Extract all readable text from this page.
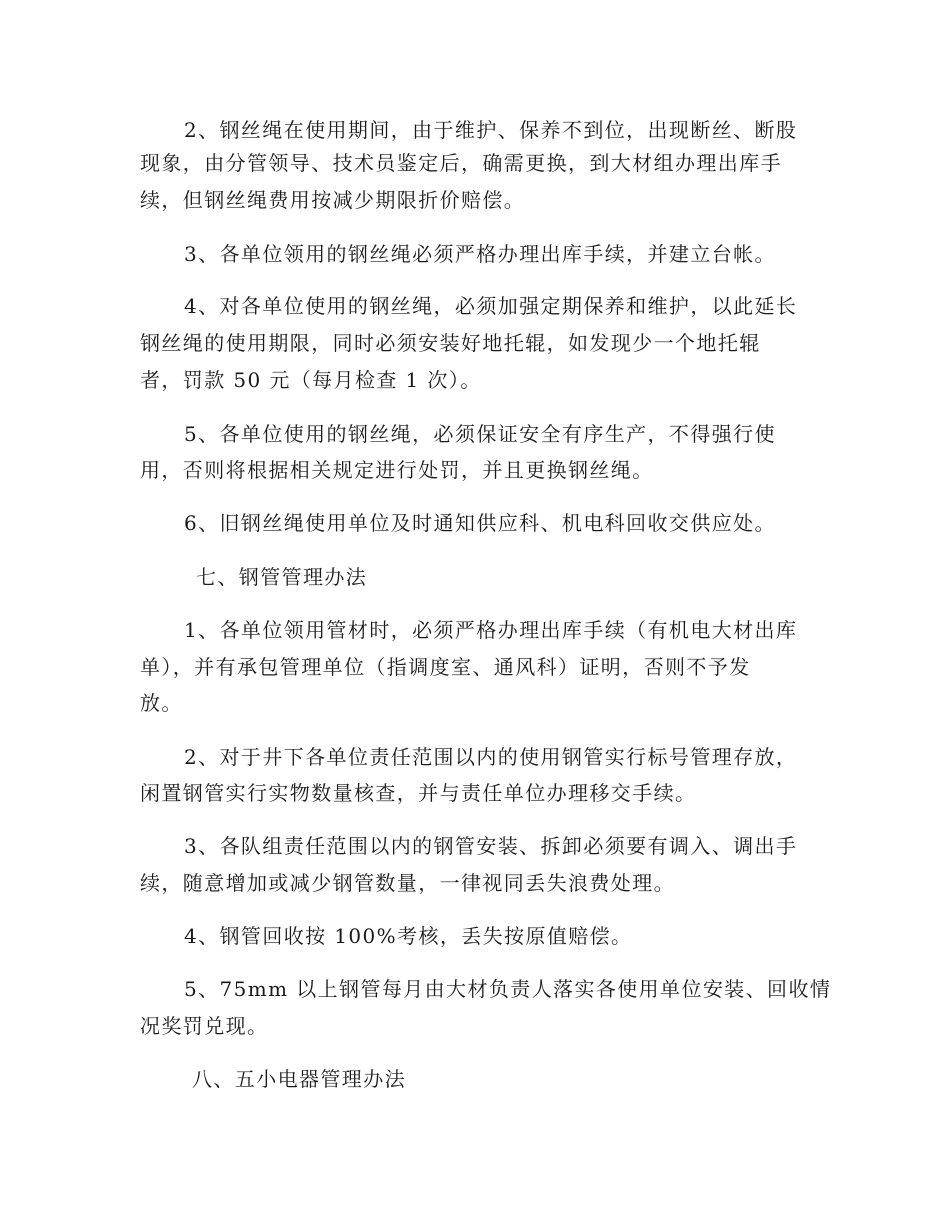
2、钢丝绳在使用期间，由于维护、保养不到位，出现断丝、断股
现象，由分管领导、技术员鉴定后，确需更换，到大材组办理出库手
续，但钢丝绳费用按减少期限折价赔偿。
3、各单位领用的钢丝绳必须严格办理出库手续，并建立台帐。
4、对各单位使用的钢丝绳，必须加强定期保养和维护，以此延长
钢丝绳的使用期限，同时必须安装好地托辊，如发现少一个地托辊
者，罚款 50 元（每月检查 1 次）。
5、各单位使用的钢丝绳，必须保证安全有序生产，不得强行使
用，否则将根据相关规定进行处罚，并且更换钢丝绳。
6、旧钢丝绳使用单位及时通知供应科、机电科回收交供应处。
七、钢管管理办法
1、各单位领用管材时，必须严格办理出库手续（有机电大材出库
单），并有承包管理单位（指调度室、通风科）证明，否则不予发
放。
2、对于井下各单位责任范围以内的使用钢管实行标号管理存放，
闲置钢管实行实物数量核查，并与责任单位办理移交手续。
3、各队组责任范围以内的钢管安装、拆卸必须要有调入、调出手
续，随意增加或减少钢管数量，一律视同丢失浪费处理。
4、钢管回收按 100%考核，丢失按原值赔偿。
5、75mm 以上钢管每月由大材负责人落实各使用单位安装、回收情
况奖罚兑现。
八、五小电器管理办法
